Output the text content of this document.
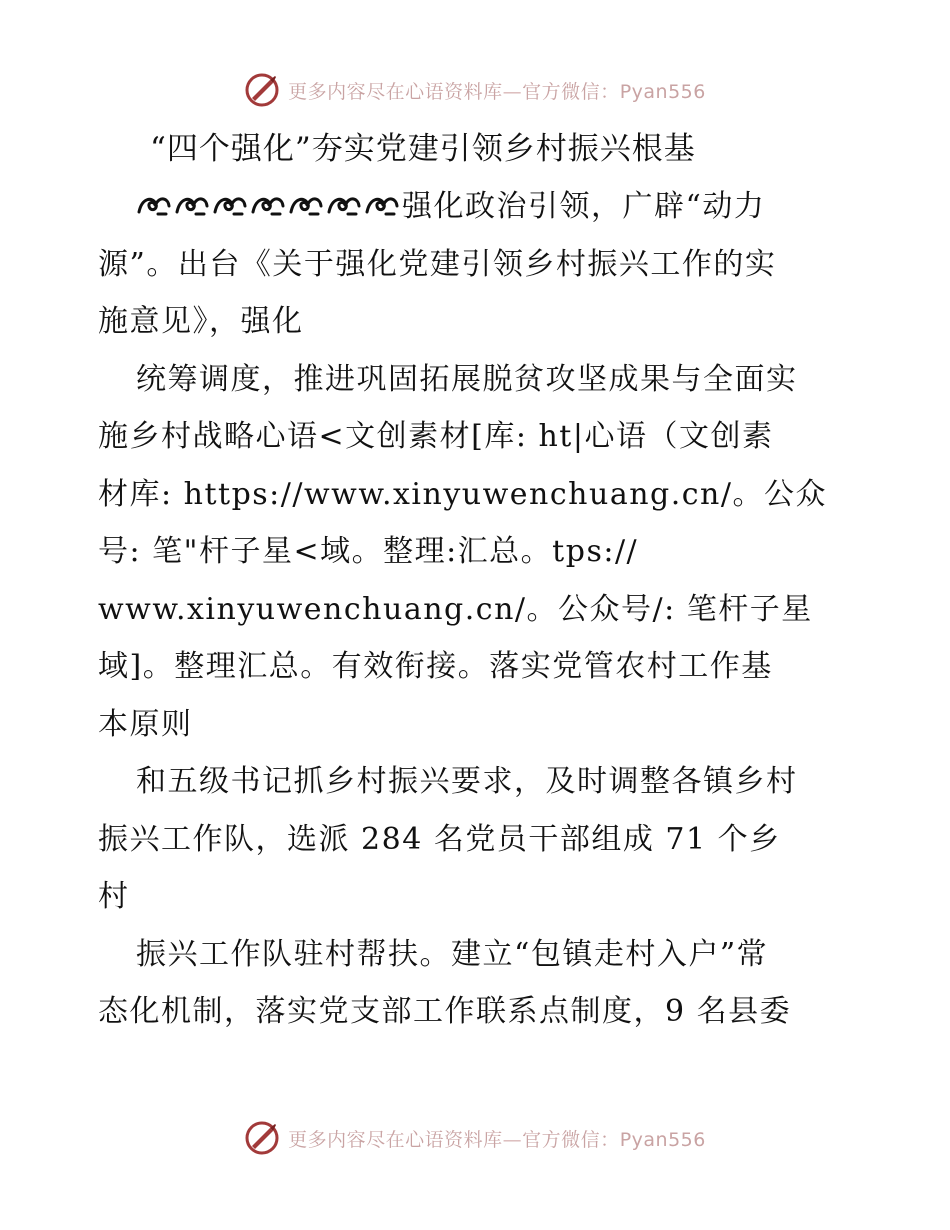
更多内容尽在心语资料库—官方微信：Pyan556
“四个强化”夯实党建引领乡村振兴根基

强化政治引领，广辟“动力
源”。出台《关于强化党建引领乡村振兴工作的实
施意见》，强化

统筹调度，推进巩固拓展脱贫攻坚成果与全面实
施乡村战略心语<文创素材[库: ht|心语（文创素
材库: https://www.xinyuwenchuang.cn/。公众
号: 笔"杆子星<域。整理:汇总。tps://
www.xinyuwenchuang.cn/。公众号/: 笔杆子星
域]。整理汇总。有效衔接。落实党管农村工作基
本原则

和五级书记抓乡村振兴要求，及时调整各镇乡村
振兴工作队，选派 284 名党员干部组成 71 个乡
村

振兴工作队驻村帮扶。建立“包镇走村入户”常
态化机制，落实党支部工作联系点制度，9 名县委

更多内容尽在心语资料库—官方微信：Pyan556
